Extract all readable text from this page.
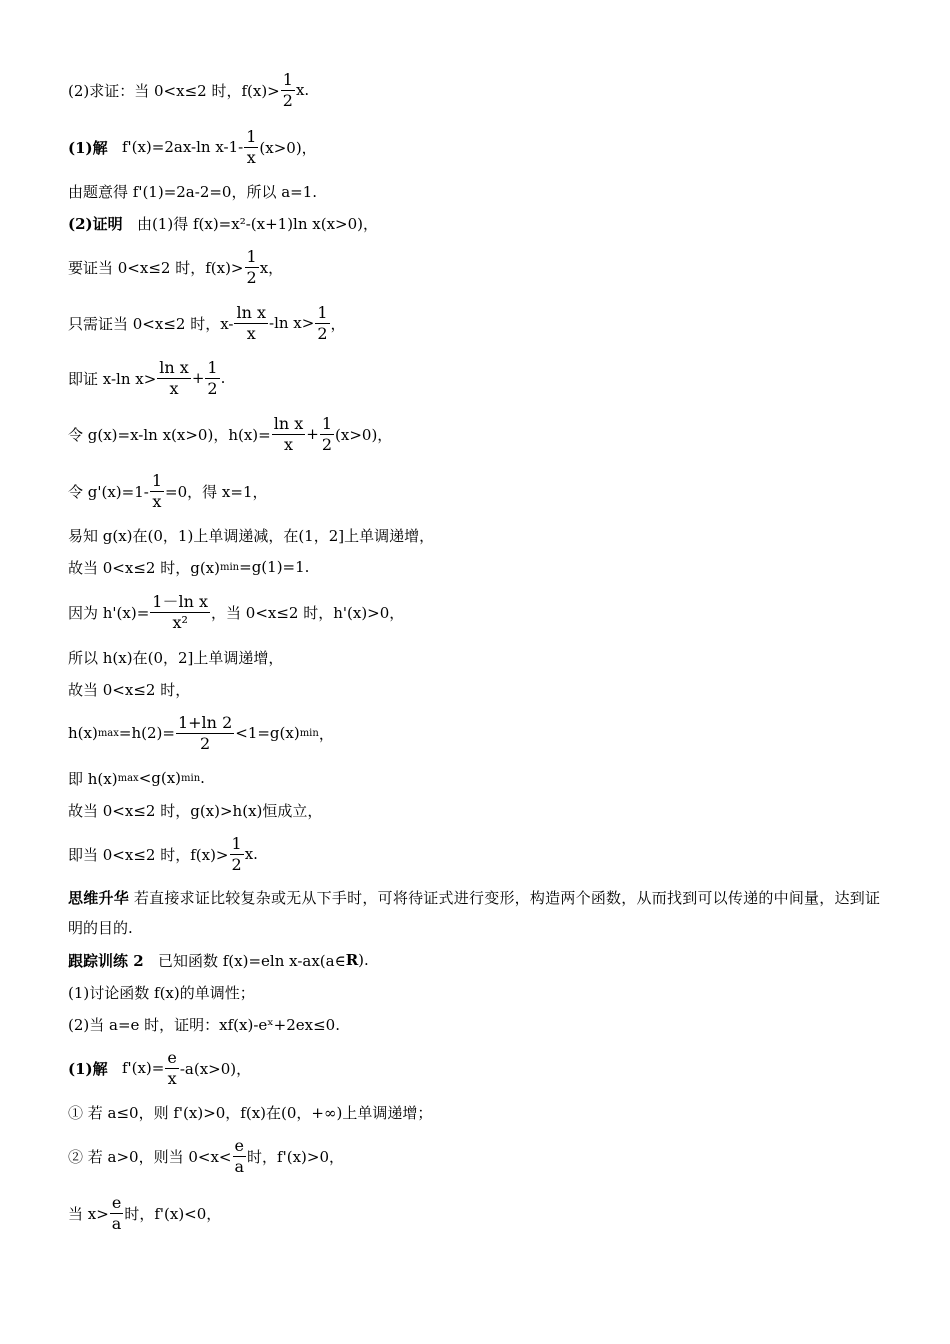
(2)求证：当 0<x≤2 时，$f(x)> \frac{1}{2} x$.
(1)解 f'(x)=2ax-ln $x-1- \frac{1}{x} (x>0)$，
由题意得 f'(1)=2a-2=0，所以 a=1.
(2)证明 由(1)得 f(x)=x²-(x+1)ln x(x>0)，
要证当 0<x≤2 时，$f(x)> \frac{1}{2}$ x，
只需证当 0<x≤2 时，$x- \frac{\text{ln x}}{x} -\ln$ $x> \frac{1}{2}$ ，
即证 x-ln $x> \frac{\text{ln x}}{x} + \frac{1}{2}$ .
令 g(x)=x-ln x(x>0)，$h(x)= \frac{\text{ln x}}{x} + \frac{1}{2} (x>0)$，
令 $g'(x)=1- \frac{1}{x} =0$，得 x=1，
易知 g(x)在(0，1)上单调递减，在(1，2]上单调递增，
故当 0<x≤2 时，g(x) min =g(1)=1.
因为 $h'(x)= \frac{\text{1－ln x}}{\text{x²}}$ ，当 0<x≤2 时，h'(x)>0，
所以 h(x)在(0，2]上单调递增，
故当 0<x≤2 时，
h(x) $\max =h(2)= \frac{1+\ln 2}{2} <1=g(x)$ min ，
即 h(x) max <g(x) min .
故当 0<x≤2 时，g(x)>h(x)恒成立，
即当 0<x≤2 时，$f(x)> \frac{1}{2} x$.
思维升华 若直接求证比较复杂或无从下手时，可将待证式进行变形，构造两个函数，从而找到可以传递的中间量，达到证明的目的.
跟踪训练 2 已知函数 f(x)=eln x-ax(a∈ R ).
(1)讨论函数 f(x)的单调性；
(2)当 a=e 时，证明：xf(x)-eˣ+2ex≤0.
(1)解 $f'(x)= \frac{e}{x} -a(x>0)$，
① 若 a≤0，则 f'(x)>0，f(x)在(0，+∞)上单调递增；
② 若 a>0，则当 $0<x< \frac{e}{a}$ 时，f'(x)>0，
当 $x> \frac{e}{a}$ 时，f'(x)<0，
